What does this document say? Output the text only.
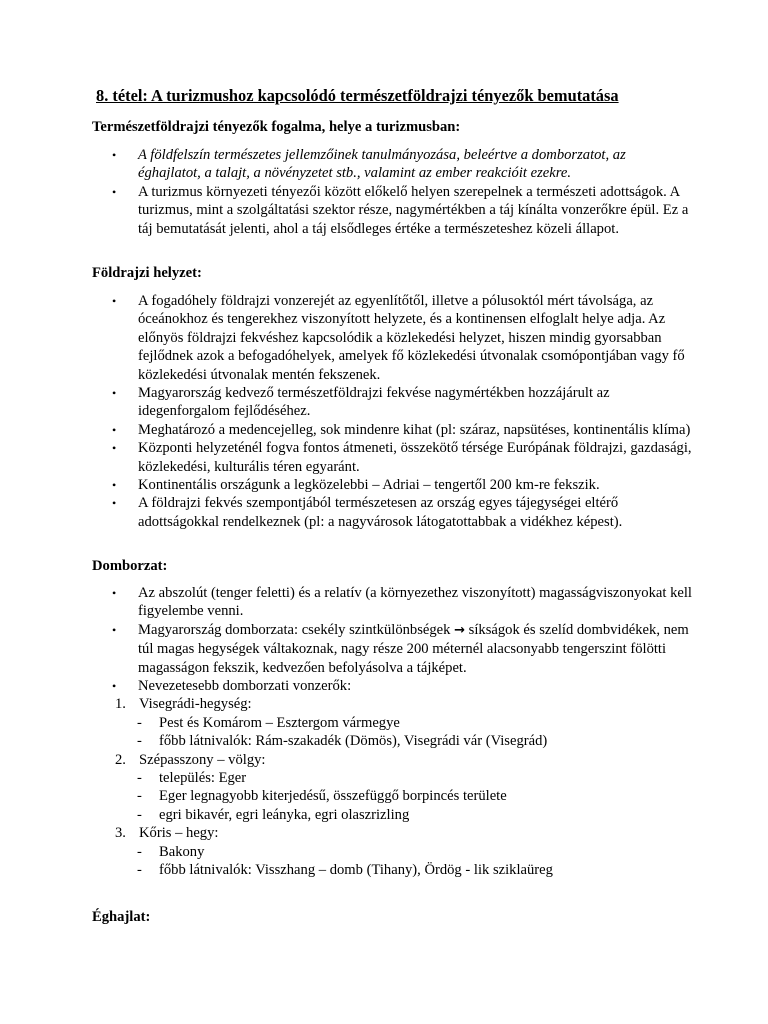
8. tétel: A turizmushoz kapcsolódó természetföldrajzi tényezők bemutatása
Természetföldrajzi tényezők fogalma, helye a turizmusban:
• A földfelszín természetes jellemzőinek tanulmányozása, beleértve a domborzatot, az éghajlatot, a talajt, a növényzetet stb., valamint az ember reakcióit ezekre.
• A turizmus környezeti tényezői között előkelő helyen szerepelnek a természeti adottságok. A turizmus, mint a szolgáltatási szektor része, nagymértékben a táj kínálta vonzerőkre épül. Ez a táj bemutatását jelenti, ahol a táj elsődleges értéke a természeteshez közeli állapot.
Földrajzi helyzet:
• A fogadóhely földrajzi vonzerejét az egyenlítőtől, illetve a pólusoktól mért távolsága, az óceánokhoz és tengerekhez viszonyított helyzete, és a kontinensen elfoglalt helye adja. Az előnyös földrajzi fekvéshez kapcsolódik a közlekedési helyzet, hiszen mindig gyorsabban fejlődnek azok a befogadóhelyek, amelyek fő közlekedési útvonalak csomópontjában vagy fő közlekedési útvonalak mentén fekszenek.
• Magyarország kedvező természetföldrajzi fekvése nagymértékben hozzájárult az idegenforgalom fejlődéséhez.
• Meghatározó a medencejelleg, sok mindenre kihat (pl: száraz, napsütéses, kontinentális klíma)
• Központi helyzeténél fogva fontos átmeneti, összekötő térsége Európának földrajzi, gazdasági, közlekedési, kulturális téren egyaránt.
• Kontinentális országunk a legközelebbi – Adriai – tengertől 200 km-re fekszik.
• A földrajzi fekvés szempontjából természetesen az ország egyes tájegységei eltérő adottságokkal rendelkeznek (pl: a nagyvárosok látogatottabbak a vidékhez képest).
Domborzat:
• Az abszolút (tenger feletti) és a relatív (a környezethez viszonyított) magasságviszonyokat kell figyelembe venni.
• Magyarország domborzata: csekély szintkülönbségek → síkságok és szelíd dombvidékek, nem túl magas hegységek váltakoznak, nagy része 200 méternél alacsonyabb tengerszint fölötti magasságon fekszik, kedvezően befolyásolva a tájképet.
• Nevezetesebb domborzati vonzerők:
1. Visegrádi-hegység:
- Pest és Komárom – Esztergom vármegye
- főbb látnivalók: Rám-szakadék (Dömös), Visegrádi vár (Visegrád)
2. Szépasszony – völgy:
- település: Eger
- Eger legnagyobb kiterjedésű, összefüggő borpincés területe
- egri bikavér, egri leányka, egri olaszrizling
3. Kőris – hegy:
- Bakony
- főbb látnivalók: Visszhang – domb (Tihany), Ördög - lik sziklaüreg
Éghajlat:
